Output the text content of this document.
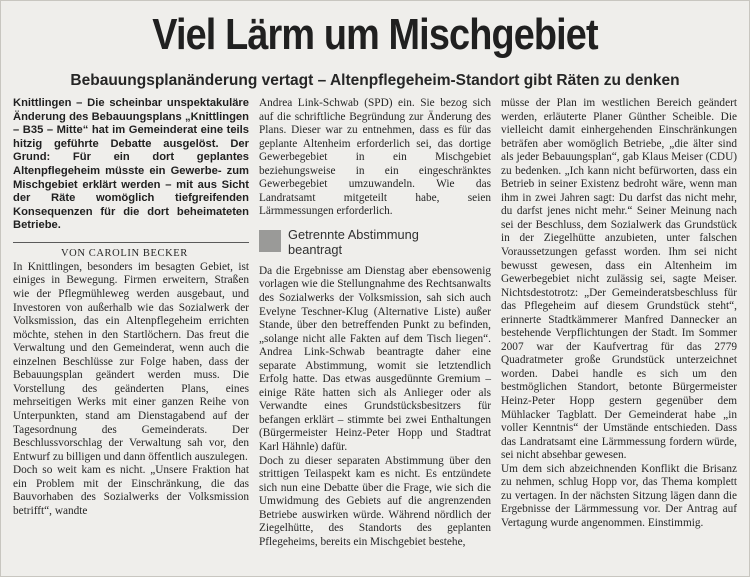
Viel Lärm um Mischgebiet
Bebauungsplanänderung vertagt – Altenpflegeheim-Standort gibt Räten zu denken

Knittlingen – Die scheinbar unspektakuläre Änderung des Bebauungsplans „Knittlingen – B35 – Mitte“ hat im Gemeinderat eine teils hitzig geführte Debatte ausgelöst. Der Grund: Für ein dort geplantes Altenpflegeheim müsste ein Gewerbe- zum Mischgebiet erklärt werden – mit aus Sicht der Räte womöglich tiefgreifenden Konsequenzen für die dort beheimateten Betriebe.

VON CAROLIN BECKER

In Knittlingen, besonders im besagten Gebiet, ist einiges in Bewegung. Firmen erweitern, Straßen wie der Pflegmühleweg werden ausgebaut, und Investoren von außerhalb wie das Sozialwerk der Volksmission, das ein Altenpflegeheim errichten möchte, stehen in den Startlöchern. Das freut die Verwaltung und den Gemeinderat, wenn auch die einzelnen Beschlüsse zur Folge haben, dass der Bebauungsplan geändert werden muss. Die Vorstellung des geänderten Plans, eines mehrseitigen Werks mit einer ganzen Reihe von Unterpunkten, stand am Dienstagabend auf der Tagesordnung des Gemeinderats. Der Beschlussvorschlag der Verwaltung sah vor, den Entwurf zu billigen und dann öffentlich auszulegen.

Doch so weit kam es nicht. „Unsere Fraktion hat ein Problem mit der Einschränkung, die das Bauvorhaben des Sozialwerks der Volksmission betrifft“, wandte

Andrea Link-Schwab (SPD) ein. Sie bezog sich auf die schriftliche Begründung zur Änderung des Plans. Dieser war zu entnehmen, dass es für das geplante Altenheim erforderlich sei, das dortige Gewerbegebiet in ein Mischgebiet beziehungsweise in ein eingeschränktes Gewerbegebiet umzuwandeln. Wie das Landratsamt mitgeteilt habe, seien Lärmmessungen erforderlich.

Getrennte Abstimmung
beantragt

Da die Ergebnisse am Dienstag aber ebensowenig vorlagen wie die Stellungnahme des Rechtsanwalts des Sozialwerks der Volksmission, sah sich auch Evelyne Teschner-Klug (Alternative Liste) außer Stande, über den betreffenden Punkt zu befinden, „solange nicht alle Fakten auf dem Tisch liegen“. Andrea Link-Schwab beantragte daher eine separate Abstimmung, womit sie letztendlich Erfolg hatte. Das etwas ausgedünnte Gremium – einige Räte hatten sich als Anlieger oder als Verwandte eines Grundstücksbesitzers für befangen erklärt – stimmte bei zwei Enthaltungen (Bürgermeister Heinz-Peter Hopp und Stadtrat Karl Hähnle) dafür.

Doch zu dieser separaten Abstimmung über den strittigen Teilaspekt kam es nicht. Es entzündete sich nun eine Debatte über die Frage, wie sich die Umwidmung des Gebiets auf die angrenzenden Betriebe auswirken würde. Während nördlich der Ziegelhütte, des Standorts des geplanten Pflegeheims, bereits ein Mischgebiet bestehe,

müsse der Plan im westlichen Bereich geändert werden, erläuterte Planer Günther Scheible. Die vielleicht damit einhergehenden Einschränkungen beträfen aber womöglich Betriebe, „die älter sind als jeder Bebauungsplan“, gab Klaus Meiser (CDU) zu bedenken. „Ich kann nicht befürworten, dass ein Betrieb in seiner Existenz bedroht wäre, wenn man ihm in zwei Jahren sagt: Du darfst das nicht mehr, du darfst jenes nicht mehr.“ Seiner Meinung nach sei der Beschluss, dem Sozialwerk das Grundstück in der Ziegelhütte anzubieten, unter falschen Voraussetzungen gefasst worden. Ihm sei nicht bewusst gewesen, dass ein Altenheim im Gewerbegebiet nicht zulässig sei, sagte Meiser. Nichtsdestotrotz: „Der Gemeinderatsbeschluss für das Pflegeheim auf diesem Grundstück steht“, erinnerte Stadtkämmerer Manfred Dannecker an bestehende Verpflichtungen der Stadt. Im Sommer 2007 war der Kaufvertrag für das 2779 Quadratmeter große Grundstück unterzeichnet worden. Dabei handle es sich um den bestmöglichen Standort, betonte Bürgermeister Heinz-Peter Hopp gestern gegenüber dem Mühlacker Tagblatt. Der Gemeinderat habe „in voller Kenntnis“ der Umstände entschieden. Dass das Landratsamt eine Lärmmessung fordern würde, sei nicht absehbar gewesen.

Um dem sich abzeichnenden Konflikt die Brisanz zu nehmen, schlug Hopp vor, das Thema komplett zu vertagen. In der nächsten Sitzung lägen dann die Ergebnisse der Lärmmessung vor. Der Antrag auf Vertagung wurde angenommen. Einstimmig.
